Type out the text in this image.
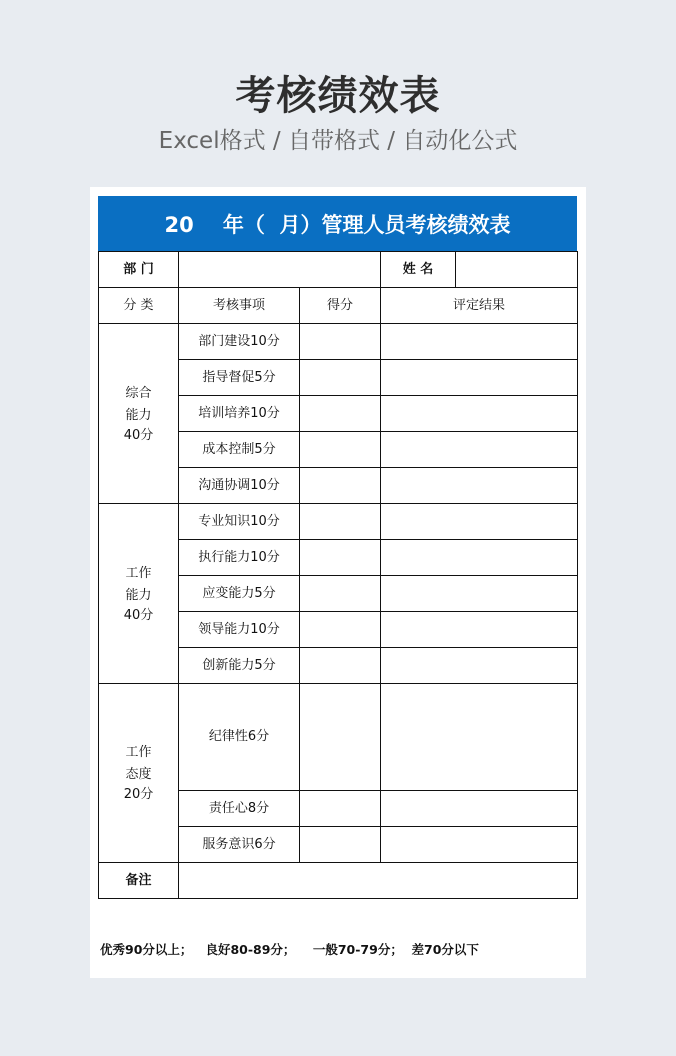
考核绩效表
Excel格式 / 自带格式 / 自动化公式
20    年（  月）管理人员考核绩效表
部 门			姓 名	
分 类	考核事项	得分	评定结果	
综合能力
40分	部门建设10分			
	指导督促5分			
	培训培养10分			
	成本控制5分			
	沟通协调10分			
工作能力
40分	专业知识10分			
	执行能力10分			
	应变能力5分			
	领导能力10分			
	创新能力5分			
工作态度
20分	纪律性6分			
	责任心8分			
	服务意识6分			
备注				
优秀90分以上；   良好80-89分；    一般70-79分；  差70分以下
